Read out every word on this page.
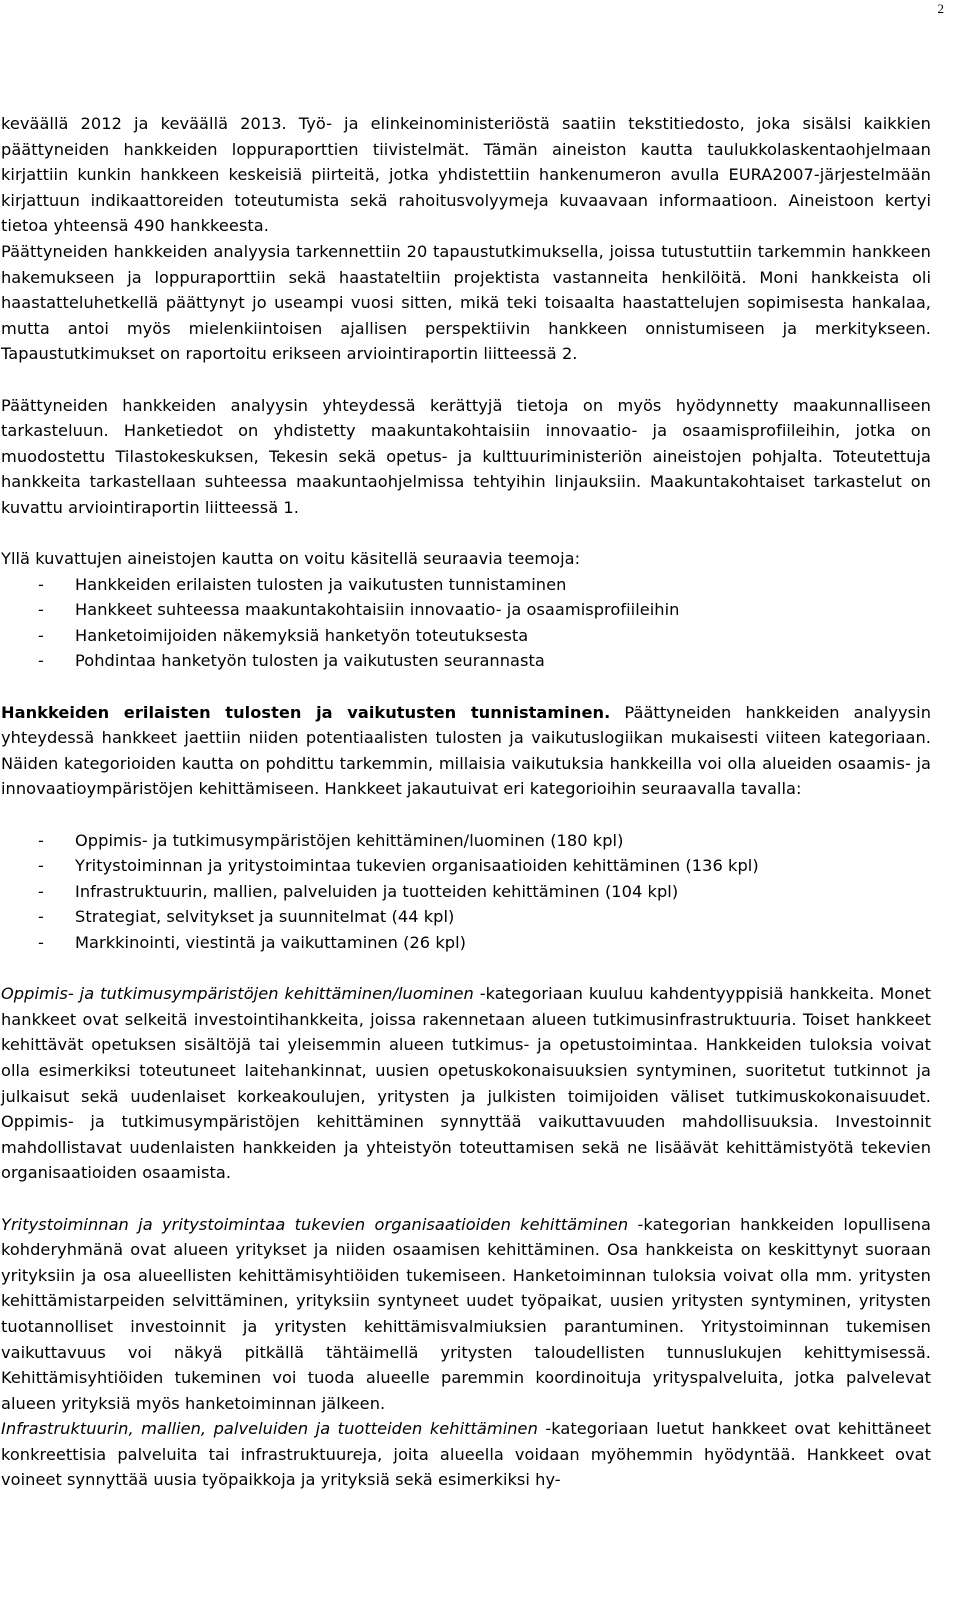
2

keväällä 2012 ja keväällä 2013. Työ- ja elinkeinoministeriöstä saatiin tekstitiedosto, joka sisälsi kaikkien päättyneiden hankkeiden loppuraporttien tiivistelmät. Tämän aineiston kautta taulukkolaskentaohjelmaan kirjattiin kunkin hankkeen keskeisiä piirteitä, jotka yhdistettiin hankenumeron avulla EURA2007-järjestelmään kirjattuun indikaattoreiden toteutumista sekä rahoitusvolyymeja kuvaavaan informaatioon. Aineistoon kertyi tietoa yhteensä 490 hankkeesta.

Päättyneiden hankkeiden analyysia tarkennettiin 20 tapaustutkimuksella, joissa tutustuttiin tarkemmin hankkeen hakemukseen ja loppuraporttiin sekä haastateltiin projektista vastanneita henkilöitä. Moni hankkeista oli haastatteluhetkellä päättynyt jo useampi vuosi sitten, mikä teki toisaalta haastattelujen sopimisesta hankalaa, mutta antoi myös mielenkiintoisen ajallisen perspektiivin hankkeen onnistumiseen ja merkitykseen. Tapaustutkimukset on raportoitu erikseen arviointiraportin liitteessä 2.

Päättyneiden hankkeiden analyysin yhteydessä kerättyjä tietoja on myös hyödynnetty maakunnalliseen tarkasteluun. Hanketiedot on yhdistetty maakuntakohtaisiin innovaatio- ja osaamisprofiileihin, jotka on muodostettu Tilastokeskuksen, Tekesin sekä opetus- ja kulttuuriministeriön aineistojen pohjalta. Toteutettuja hankkeita tarkastellaan suhteessa maakuntaohjelmissa tehtyihin linjauksiin. Maakuntakohtaiset tarkastelut on kuvattu arviointiraportin liitteessä 1.

Yllä kuvattujen aineistojen kautta on voitu käsitellä seuraavia teemoja:

- Hankkeiden erilaisten tulosten ja vaikutusten tunnistaminen
- Hankkeet suhteessa maakuntakohtaisiin innovaatio- ja osaamisprofiileihin
- Hanketoimijoiden näkemyksiä hanketyön toteutuksesta
- Pohdintaa hanketyön tulosten ja vaikutusten seurannasta

Hankkeiden erilaisten tulosten ja vaikutusten tunnistaminen. Päättyneiden hankkeiden analyysin yhteydessä hankkeet jaettiin niiden potentiaalisten tulosten ja vaikutuslogiikan mukaisesti viiteen kategoriaan. Näiden kategorioiden kautta on pohdittu tarkemmin, millaisia vaikutuksia hankkeilla voi olla alueiden osaamis- ja innovaatioympäristöjen kehittämiseen. Hankkeet jakautuivat eri kategorioihin seuraavalla tavalla:

- Oppimis- ja tutkimusympäristöjen kehittäminen/luominen (180 kpl)
- Yritystoiminnan ja yritystoimintaa tukevien organisaatioiden kehittäminen (136 kpl)
- Infrastruktuurin, mallien, palveluiden ja tuotteiden kehittäminen (104 kpl)
- Strategiat, selvitykset ja suunnitelmat (44 kpl)
- Markkinointi, viestintä ja vaikuttaminen (26 kpl)

Oppimis- ja tutkimusympäristöjen kehittäminen/luominen -kategoriaan kuuluu kahdentyyppisiä hankkeita. Monet hankkeet ovat selkeitä investointihankkeita, joissa rakennetaan alueen tutkimusinfrastruktuuria. Toiset hankkeet kehittävät opetuksen sisältöjä tai yleisemmin alueen tutkimus- ja opetustoimintaa. Hankkeiden tuloksia voivat olla esimerkiksi toteutuneet laitehankinnat, uusien opetuskokonaisuuksien syntyminen, suoritetut tutkinnot ja julkaisut sekä uudenlaiset korkeakoulujen, yritysten ja julkisten toimijoiden väliset tutkimuskokonaisuudet. Oppimis- ja tutkimusympäristöjen kehittäminen synnyttää vaikuttavuuden mahdollisuuksia. Investoinnit mahdollistavat uudenlaisten hankkeiden ja yhteistyön toteuttamisen sekä ne lisäävät kehittämistyötä tekevien organisaatioiden osaamista.

Yritystoiminnan ja yritystoimintaa tukevien organisaatioiden kehittäminen -kategorian hankkeiden lopullisena kohderyhmänä ovat alueen yritykset ja niiden osaamisen kehittäminen. Osa hankkeista on keskittynyt suoraan yrityksiin ja osa alueellisten kehittämisyhtiöiden tukemiseen. Hanketoiminnan tuloksia voivat olla mm. yritysten kehittämistarpeiden selvittäminen, yrityksiin syntyneet uudet työpaikat, uusien yritysten syntyminen, yritysten tuotannolliset investoinnit ja yritysten kehittämisvalmiuksien parantuminen. Yritystoiminnan tukemisen vaikuttavuus voi näkyä pitkällä tähtäimellä yritysten taloudellisten tunnuslukujen kehittymisessä. Kehittämisyhtiöiden tukeminen voi tuoda alueelle paremmin koordinoituja yrityspalveluita, jotka palvelevat alueen yrityksiä myös hanketoiminnan jälkeen.

Infrastruktuurin, mallien, palveluiden ja tuotteiden kehittäminen -kategoriaan luetut hankkeet ovat kehittäneet konkreettisia palveluita tai infrastruktuureja, joita alueella voidaan myöhemmin hyödyntää. Hankkeet ovat voineet synnyttää uusia työpaikkoja ja yrityksiä sekä esimerkiksi hy-
